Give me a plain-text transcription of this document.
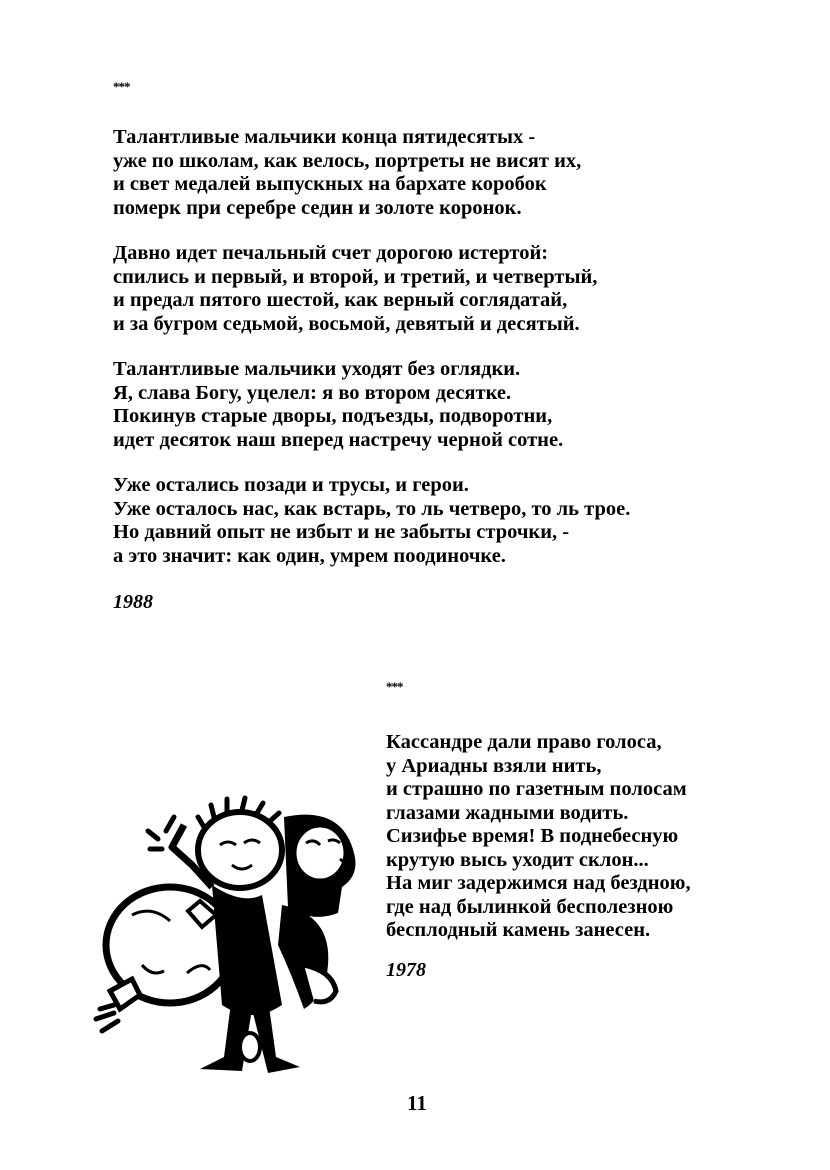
***
Талантливые мальчики конца пятидесятых -
уже по школам, как велось, портреты не висят их,
и свет медалей выпускных на бархате коробок
померк при серебре седин и золоте коронок.
Давно идет печальный счет дорогою истертой:
спились и первый, и второй, и третий, и четвертый,
и предал пятого шестой, как верный соглядатай,
и за бугром седьмой, восьмой, девятый и десятый.
Талантливые мальчики уходят без оглядки.
Я, слава Богу, уцелел: я во втором десятке.
Покинув старые дворы, подъезды, подворотни,
идет десяток наш вперед настречу черной сотне.
Уже остались позади и трусы, и герои.
Уже осталось нас, как встарь, то ль четверо, то ль трое.
Но давний опыт не избыт и не забыты строчки, -
а это значит: как один, умрем поодиночке.
1988
***
Кассандре дали право голоса,
у Ариадны взяли нить,
и страшно по газетным полосам
глазами жадными водить.
Сизифье время! В поднебесную
крутую высь уходит склон...
На миг задержимся над бездною,
где над былинкой бесполезною
бесплодный камень занесен.
1978
11
